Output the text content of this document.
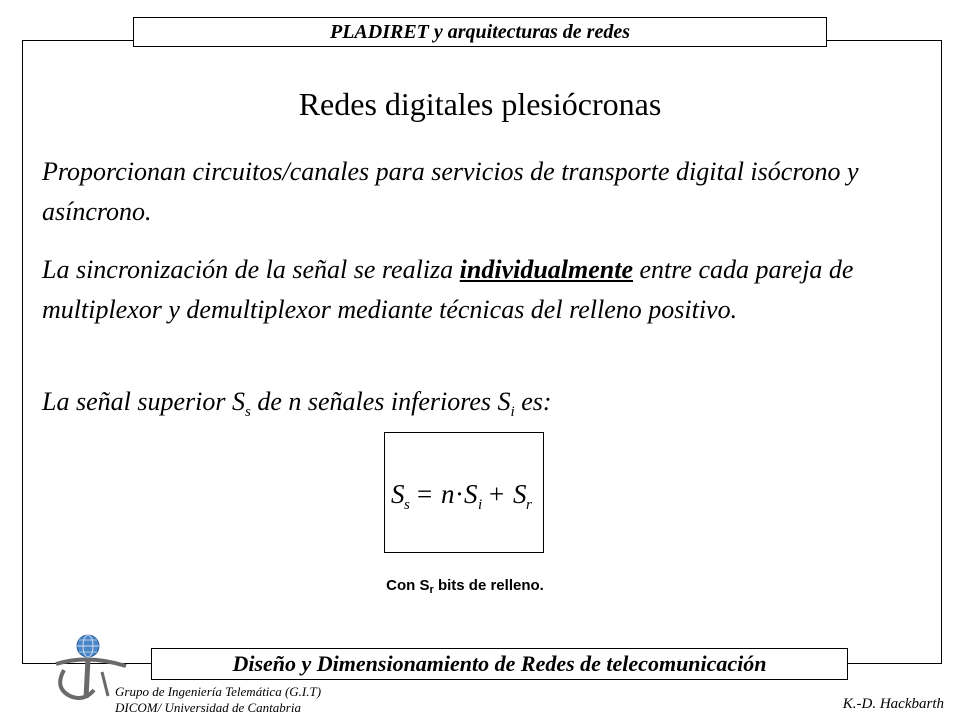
PLADIRET y arquitecturas de redes
Redes digitales plesiócronas
Proporcionan circuitos/canales para servicios de transporte digital isócrono y asíncrono.
La sincronización de la señal se realiza individualmente entre cada pareja de multiplexor y demultiplexor mediante técnicas del relleno positivo.
La señal superior $S_s$ de n señales inferiores $S_i$ es:
S s = n · S i + S r
Con $S_r$ bits de relleno.
Diseño y Dimensionamiento de Redes de telecomunicación
Grupo de Ingeniería Telemática (G.I.T)
DICOM/ Universidad de Cantabria	K.-D. Hackbarth
